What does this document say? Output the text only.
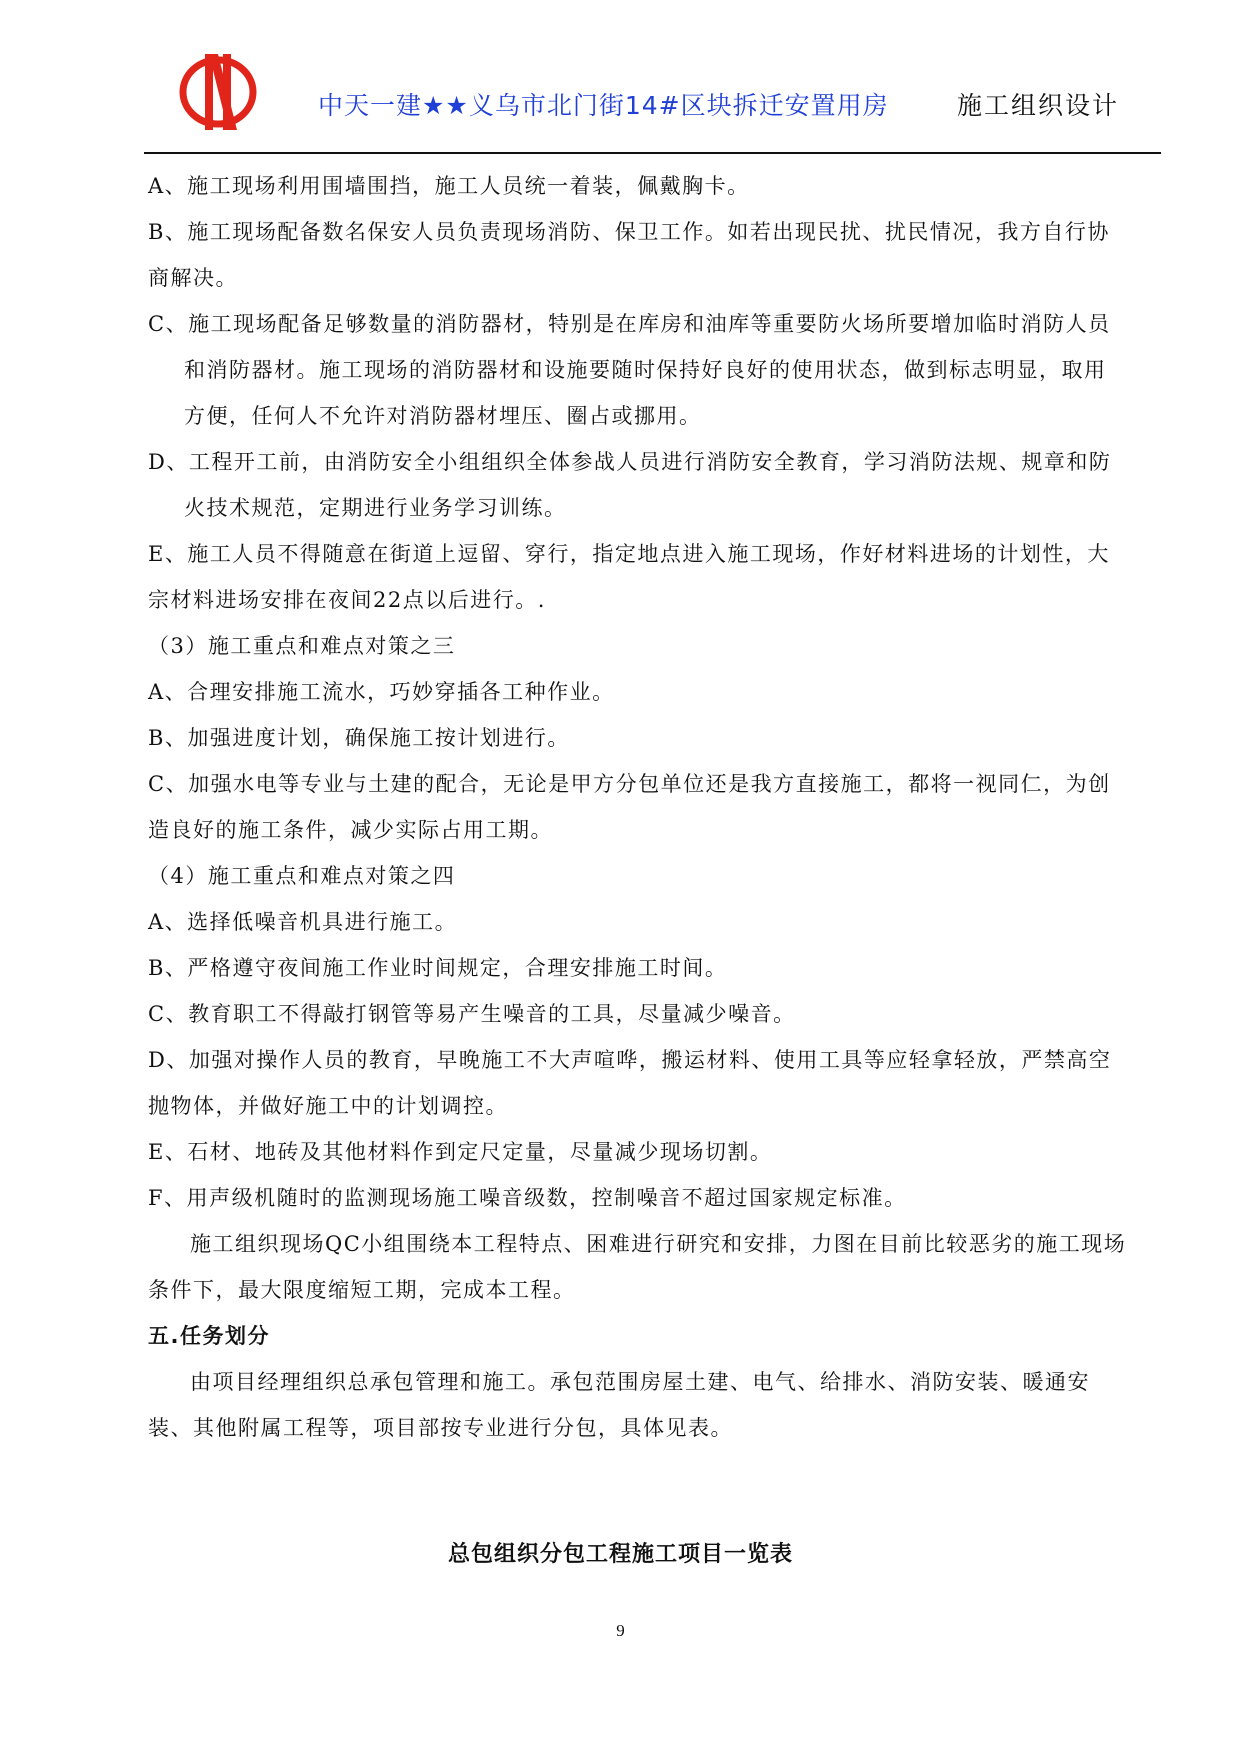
中天一建★★义乌市北门街14#区块拆迁安置用房	施工组织设计

A、施工现场利用围墙围挡，施工人员统一着装，佩戴胸卡。

B、施工现场配备数名保安人员负责现场消防、保卫工作。如若出现民扰、扰民情况，我方自行协商解决。

C、施工现场配备足够数量的消防器材，特别是在库房和油库等重要防火场所要增加临时消防人员和消防器材。施工现场的消防器材和设施要随时保持好良好的使用状态，做到标志明显，取用方便，任何人不允许对消防器材埋压、圈占或挪用。

D、工程开工前，由消防安全小组组织全体参战人员进行消防安全教育，学习消防法规、规章和防火技术规范，定期进行业务学习训练。

E、施工人员不得随意在街道上逗留、穿行，指定地点进入施工现场，作好材料进场的计划性，大宗材料进场安排在夜间22点以后进行。.

（3）施工重点和难点对策之三

A、合理安排施工流水，巧妙穿插各工种作业。

B、加强进度计划，确保施工按计划进行。

C、加强水电等专业与土建的配合，无论是甲方分包单位还是我方直接施工，都将一视同仁，为创造良好的施工条件，减少实际占用工期。

（4）施工重点和难点对策之四

A、选择低噪音机具进行施工。

B、严格遵守夜间施工作业时间规定，合理安排施工时间。

C、教育职工不得敲打钢管等易产生噪音的工具，尽量减少噪音。

D、加强对操作人员的教育，早晚施工不大声喧哗，搬运材料、使用工具等应轻拿轻放，严禁高空抛物体，并做好施工中的计划调控。

E、石材、地砖及其他材料作到定尺定量，尽量减少现场切割。

F、用声级机随时的监测现场施工噪音级数，控制噪音不超过国家规定标准。

施工组织现场QC小组围绕本工程特点、困难进行研究和安排，力图在目前比较恶劣的施工现场条件下，最大限度缩短工期，完成本工程。

五.任务划分

由项目经理组织总承包管理和施工。承包范围房屋土建、电气、给排水、消防安装、暖通安装、其他附属工程等，项目部按专业进行分包，具体见表。

总包组织分包工程施工项目一览表
9
